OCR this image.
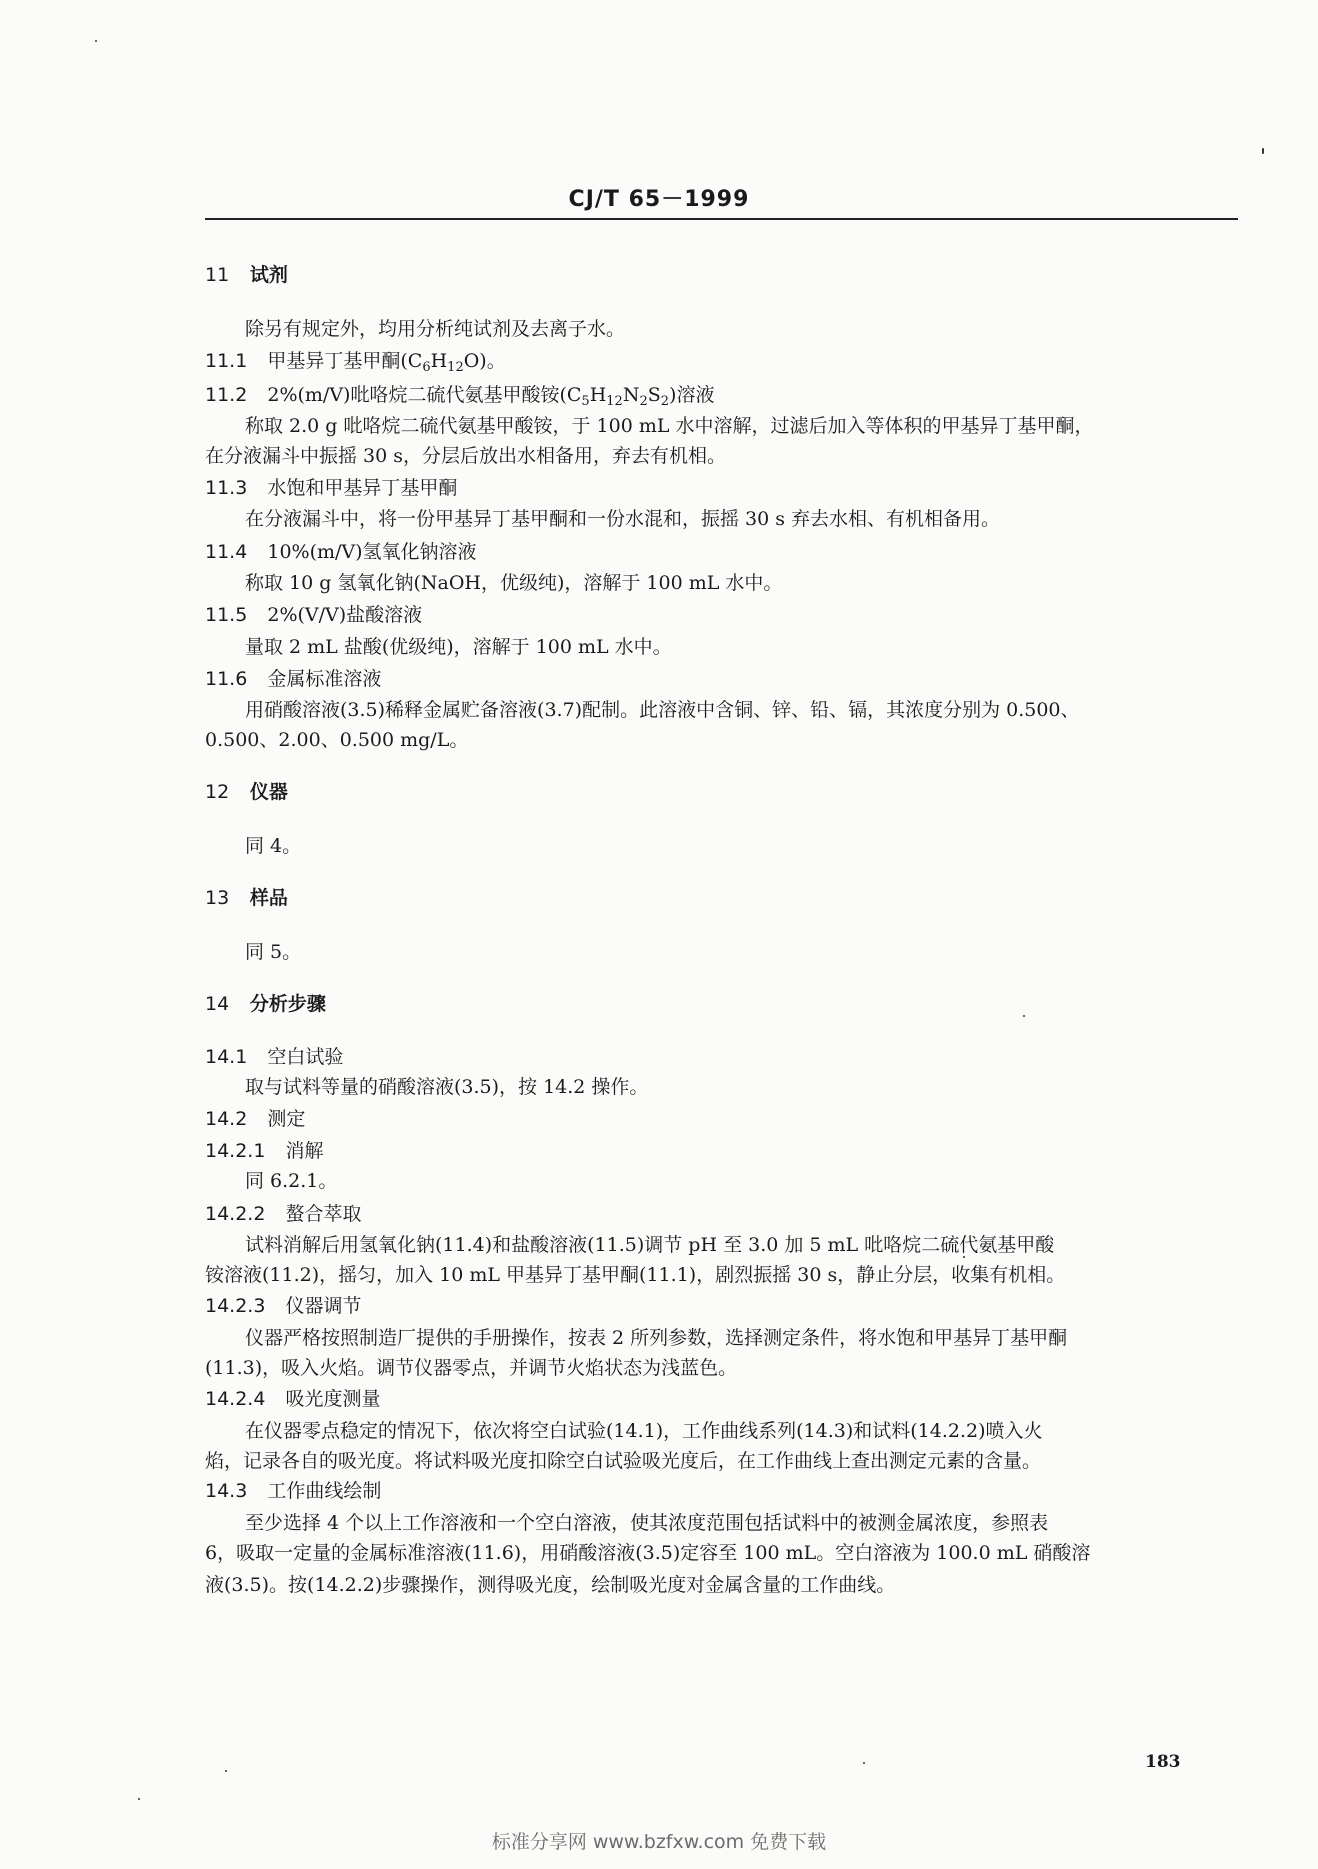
CJ/T 65－1999
11 试剂
除另有规定外，均用分析纯试剂及去离子水。
11.1 甲基异丁基甲酮$(C_6H_{12}O)$。
11.2 2%(m/V)吡咯烷二硫代氨基甲酸铵$(C_5H_{12}N_2S_2)$溶液
称取 2.0 g 吡咯烷二硫代氨基甲酸铵，于 100 mL 水中溶解，过滤后加入等体积的甲基异丁基甲酮，
在分液漏斗中振摇 30 s，分层后放出水相备用，弃去有机相。
11.3 水饱和甲基异丁基甲酮
在分液漏斗中，将一份甲基异丁基甲酮和一份水混和，振摇 30 s 弃去水相、有机相备用。
11.4 10%(m/V)氢氧化钠溶液
称取 10 g 氢氧化钠(NaOH，优级纯)，溶解于 100 mL 水中。
11.5 2%(V/V)盐酸溶液
量取 2 mL 盐酸(优级纯)，溶解于 100 mL 水中。
11.6 金属标准溶液
用硝酸溶液(3.5)稀释金属贮备溶液(3.7)配制。此溶液中含铜、锌、铅、镉，其浓度分别为 0.500、
0.500、2.00、0.500 mg/L。
12 仪器
同 4。
13 样品
同 5。
14 分析步骤
14.1 空白试验
取与试料等量的硝酸溶液(3.5)，按 14.2 操作。
14.2 测定
14.2.1 消解
同 6.2.1。
14.2.2 螯合萃取
试料消解后用氢氧化钠(11.4)和盐酸溶液(11.5)调节 pH 至 3.0 加 5 mL 吡咯烷二硫代氨基甲酸
铵溶液(11.2)，摇匀，加入 10 mL 甲基异丁基甲酮(11.1)，剧烈振摇 30 s，静止分层，收集有机相。
14.2.3 仪器调节
仪器严格按照制造厂提供的手册操作，按表 2 所列参数，选择测定条件，将水饱和甲基异丁基甲酮
(11.3)，吸入火焰。调节仪器零点，并调节火焰状态为浅蓝色。
14.2.4 吸光度测量
在仪器零点稳定的情况下，依次将空白试验(14.1)，工作曲线系列(14.3)和试料(14.2.2)喷入火
焰，记录各自的吸光度。将试料吸光度扣除空白试验吸光度后，在工作曲线上查出测定元素的含量。
14.3 工作曲线绘制
至少选择 4 个以上工作溶液和一个空白溶液，使其浓度范围包括试料中的被测金属浓度，参照表
6，吸取一定量的金属标准溶液(11.6)，用硝酸溶液(3.5)定容至 100 mL。空白溶液为 100.0 mL 硝酸溶
液(3.5)。按(14.2.2)步骤操作，测得吸光度，绘制吸光度对金属含量的工作曲线。
183
标准分享网 www.bzfxw.com 免费下载
